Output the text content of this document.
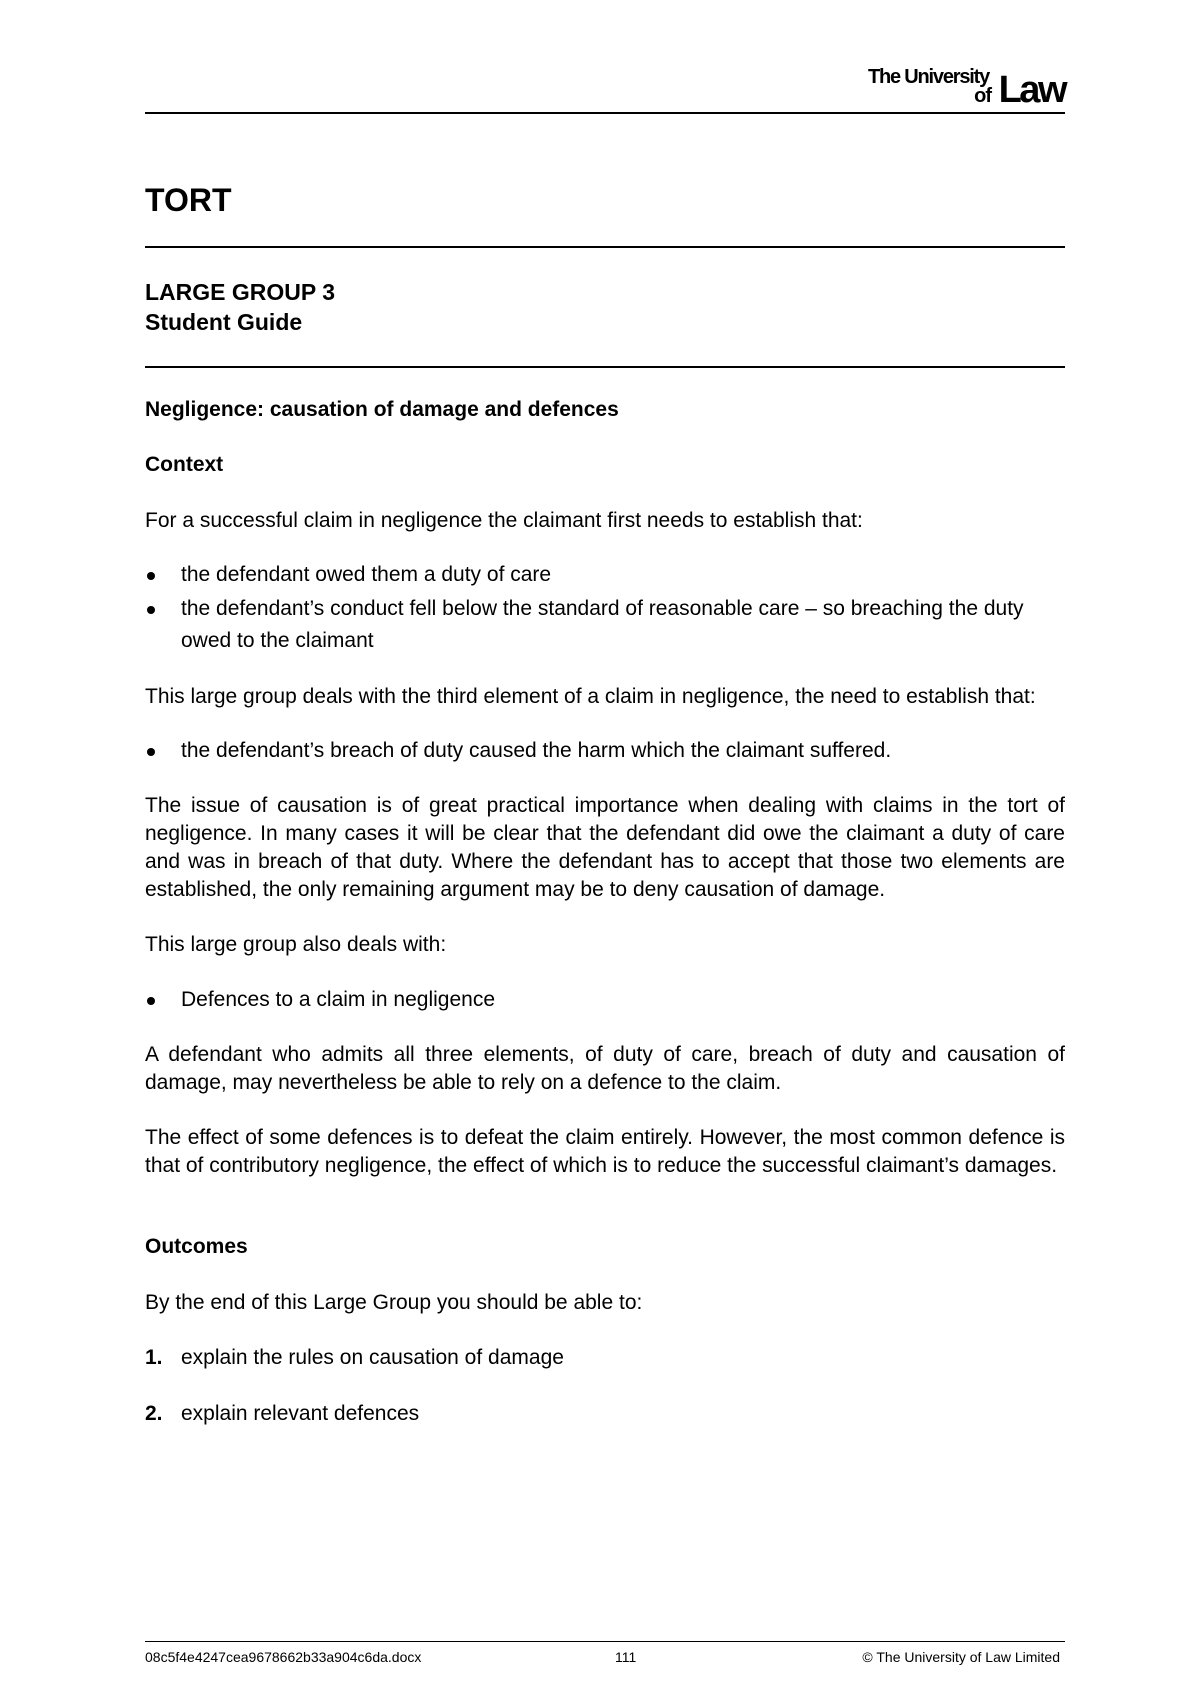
The University
of Law
TORT
LARGE GROUP 3
Student Guide

Negligence: causation of damage and defences

Context

For a successful claim in negligence the claimant first needs to establish that:

the defendant owed them a duty of care
the defendant’s conduct fell below the standard of reasonable care – so breaching the duty owed to the claimant

This large group deals with the third element of a claim in negligence, the need to establish that:

the defendant’s breach of duty caused the harm which the claimant suffered.

The issue of causation is of great practical importance when dealing with claims in the tort of negligence. In many cases it will be clear that the defendant did owe the claimant a duty of care and was in breach of that duty. Where the defendant has to accept that those two elements are established, the only remaining argument may be to deny causation of damage.

This large group also deals with:

Defences to a claim in negligence

A defendant who admits all three elements, of duty of care, breach of duty and causation of damage, may nevertheless be able to rely on a defence to the claim.

The effect of some defences is to defeat the claim entirely. However, the most common defence is that of contributory negligence, the effect of which is to reduce the successful claimant’s damages.

Outcomes

By the end of this Large Group you should be able to:

1. explain the rules on causation of damage
2. explain relevant defences
08c5f4e4247cea9678662b33a904c6da.docx	111	© The University of Law Limited
